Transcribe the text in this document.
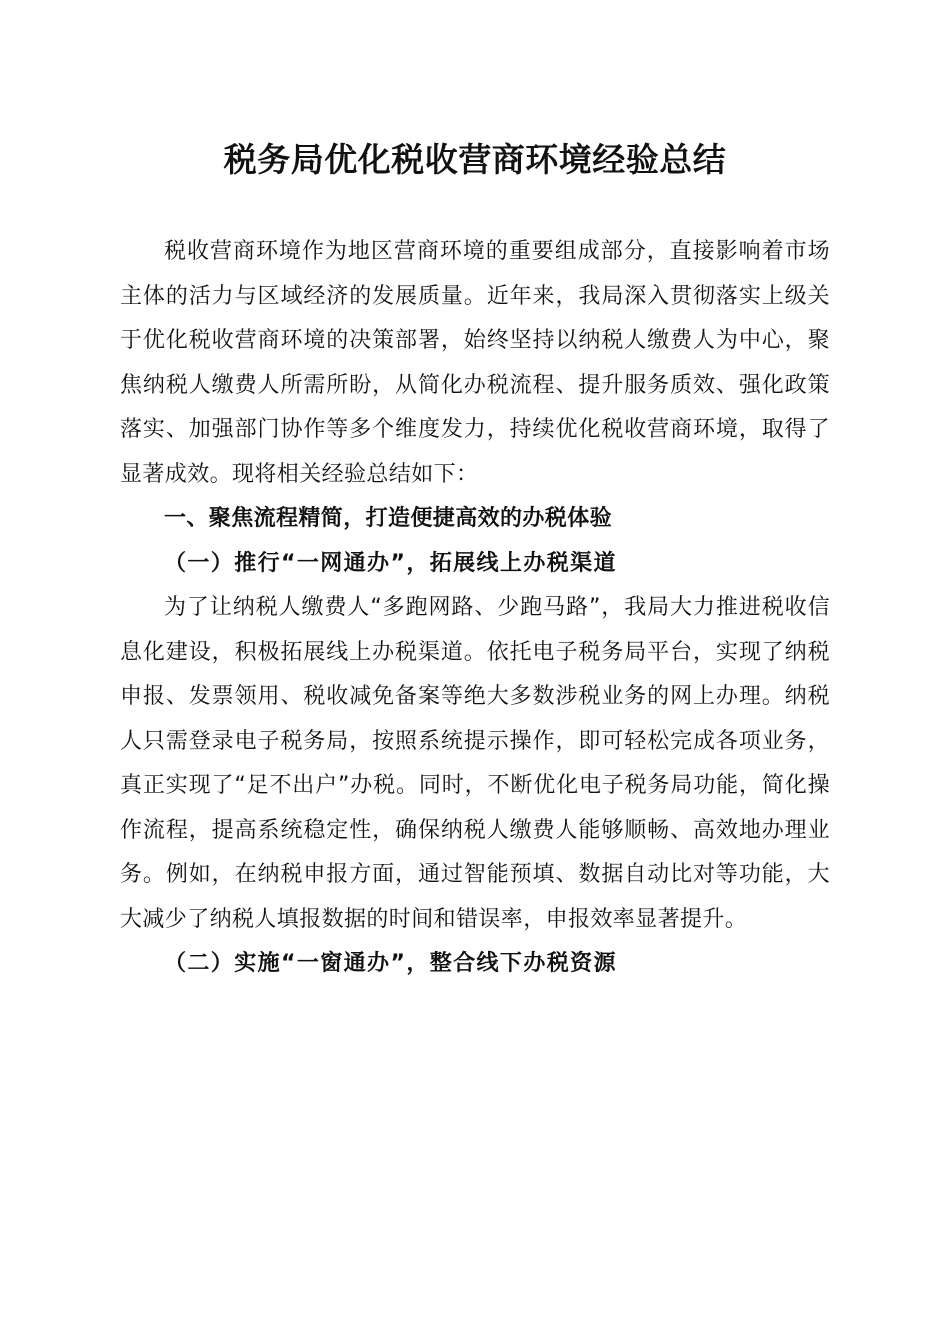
税务局优化税收营商环境经验总结

税收营商环境作为地区营商环境的重要组成部分，直接影响着市场主体的活力与区域经济的发展质量。近年来，我局深入贯彻落实上级关于优化税收营商环境的决策部署，始终坚持以纳税人缴费人为中心，聚焦纳税人缴费人所需所盼，从简化办税流程、提升服务质效、强化政策落实、加强部门协作等多个维度发力，持续优化税收营商环境，取得了显著成效。现将相关经验总结如下：

一、聚焦流程精简，打造便捷高效的办税体验

（一）推行“一网通办”，拓展线上办税渠道

为了让纳税人缴费人“多跑网路、少跑马路”，我局大力推进税收信息化建设，积极拓展线上办税渠道。依托电子税务局平台，实现了纳税申报、发票领用、税收减免备案等绝大多数涉税业务的网上办理。纳税人只需登录电子税务局，按照系统提示操作，即可轻松完成各项业务，真正实现了“足不出户”办税。同时，不断优化电子税务局功能，简化操作流程，提高系统稳定性，确保纳税人缴费人能够顺畅、高效地办理业务。例如，在纳税申报方面，通过智能预填、数据自动比对等功能，大大减少了纳税人填报数据的时间和错误率，申报效率显著提升。

（二）实施“一窗通办”，整合线下办税资源
